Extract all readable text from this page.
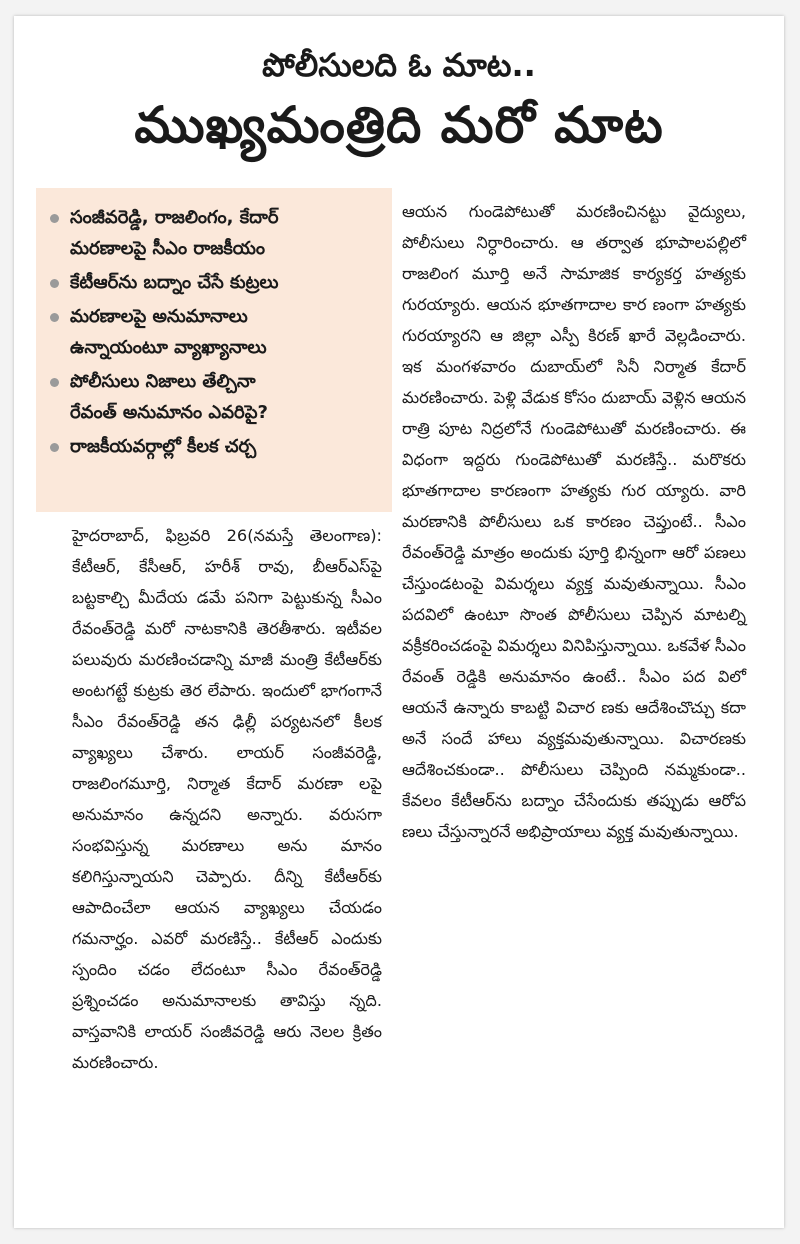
పోలీసులది ఓ మాట..
ముఖ్యమంత్రిది మరో మాట
సంజీవరెడ్డి, రాజలింగం, కేదార్
మరణాలపై సీఎం రాజకీయం
కేటీఆర్‌ను బద్నాం చేసే కుట్రలు
మరణాలపై అనుమానాలు
ఉన్నాయంటూ వ్యాఖ్యానాలు
పోలీసులు నిజాలు తేల్చినా
రేవంత్ అనుమానం ఎవరిపై?
రాజకీయవర్గాల్లో కీలక చర్చ

హైదరాబాద్, ఫిబ్రవరి 26(నమస్తే తెలంగాణ): కేటీఆర్, కేసీఆర్, హరీశ్ రావు, బీఆర్‌ఎస్‌పై బట్టకాల్చి మీదేయ డమే పనిగా పెట్టుకున్న సీఎం రేవంత్‌రెడ్డి మరో నాటకానికి తెరతీశారు. ఇటీవల పలువురు మరణించడాన్ని మాజీ మంత్రి కేటీఆర్‌కు అంటగట్టే కుట్రకు తెర లేపారు. ఇందులో భాగంగానే సీఎం రేవంత్‌రెడ్డి తన ఢిల్లీ పర్యటనలో కీలక వ్యాఖ్యలు చేశారు. లాయర్ సంజీవరెడ్డి, రాజలింగమూర్తి, నిర్మాత కేదార్ మరణా లపై అనుమానం ఉన్నదని అన్నారు. వరుసగా సంభవిస్తున్న మరణాలు అను మానం కలిగిస్తున్నాయని చెప్పారు. దీన్ని కేటీఆర్‌కు ఆపాదించేలా ఆయన వ్యాఖ్యలు చేయడం గమనార్హం. ఎవరో మరణిస్తే.. కేటీఆర్ ఎందుకు స్పందిం చడం లేదంటూ సీఎం రేవంత్‌రెడ్డి ప్రశ్నించడం అనుమానాలకు తావిస్తు న్నది. వాస్తవానికి లాయర్ సంజీవరెడ్డి ఆరు నెలల క్రితం మరణించారు.

ఆయన గుండెపోటుతో మరణించినట్టు వైద్యులు, పోలీసులు నిర్ధారించారు. ఆ తర్వాత భూపాలపల్లిలో రాజలింగ మూర్తి అనే సామాజిక కార్యకర్త హత్యకు గురయ్యారు. ఆయన భూతగాదాల కార ణంగా హత్యకు గురయ్యారని ఆ జిల్లా ఎస్పీ కిరణ్ ఖారే వెల్లడించారు. ఇక మంగళవారం దుబాయ్‌లో సినీ నిర్మాత కేదార్ మరణించారు. పెళ్లి వేడుక కోసం దుబాయ్ వెళ్లిన ఆయన రాత్రి పూట నిద్రలోనే గుండెపోటుతో మరణించారు. ఈ విధంగా ఇద్దరు గుండెపోటుతో మరణిస్తే.. మరొకరు భూతగాదాల కారణంగా హత్యకు గుర య్యారు. వారి మరణానికి పోలీసులు ఒక కారణం చెప్తుంటే.. సీఎం రేవంత్‌రెడ్డి మాత్రం అందుకు పూర్తి భిన్నంగా ఆరో పణలు చేస్తుండటంపై విమర్శలు వ్యక్త మవుతున్నాయి. సీఎం పదవిలో ఉంటూ సొంత పోలీసులు చెప్పిన మాటల్ని వక్రీకరించడంపై విమర్శలు వినిపిస్తున్నాయి. ఒకవేళ సీఎం రేవంత్ రెడ్డికి అనుమానం ఉంటే.. సీఎం పద విలో ఆయనే ఉన్నారు కాబట్టి విచార ణకు ఆదేశించొచ్చు కదా అనే సందే హాలు వ్యక్తమవుతున్నాయి. విచారణకు ఆదేశించకుండా.. పోలీసులు చెప్పింది నమ్మకుండా.. కేవలం కేటీఆర్‌ను బద్నాం చేసేందుకు తప్పుడు ఆరోప ణలు చేస్తున్నారనే అభిప్రాయాలు వ్యక్త మవుతున్నాయి.
